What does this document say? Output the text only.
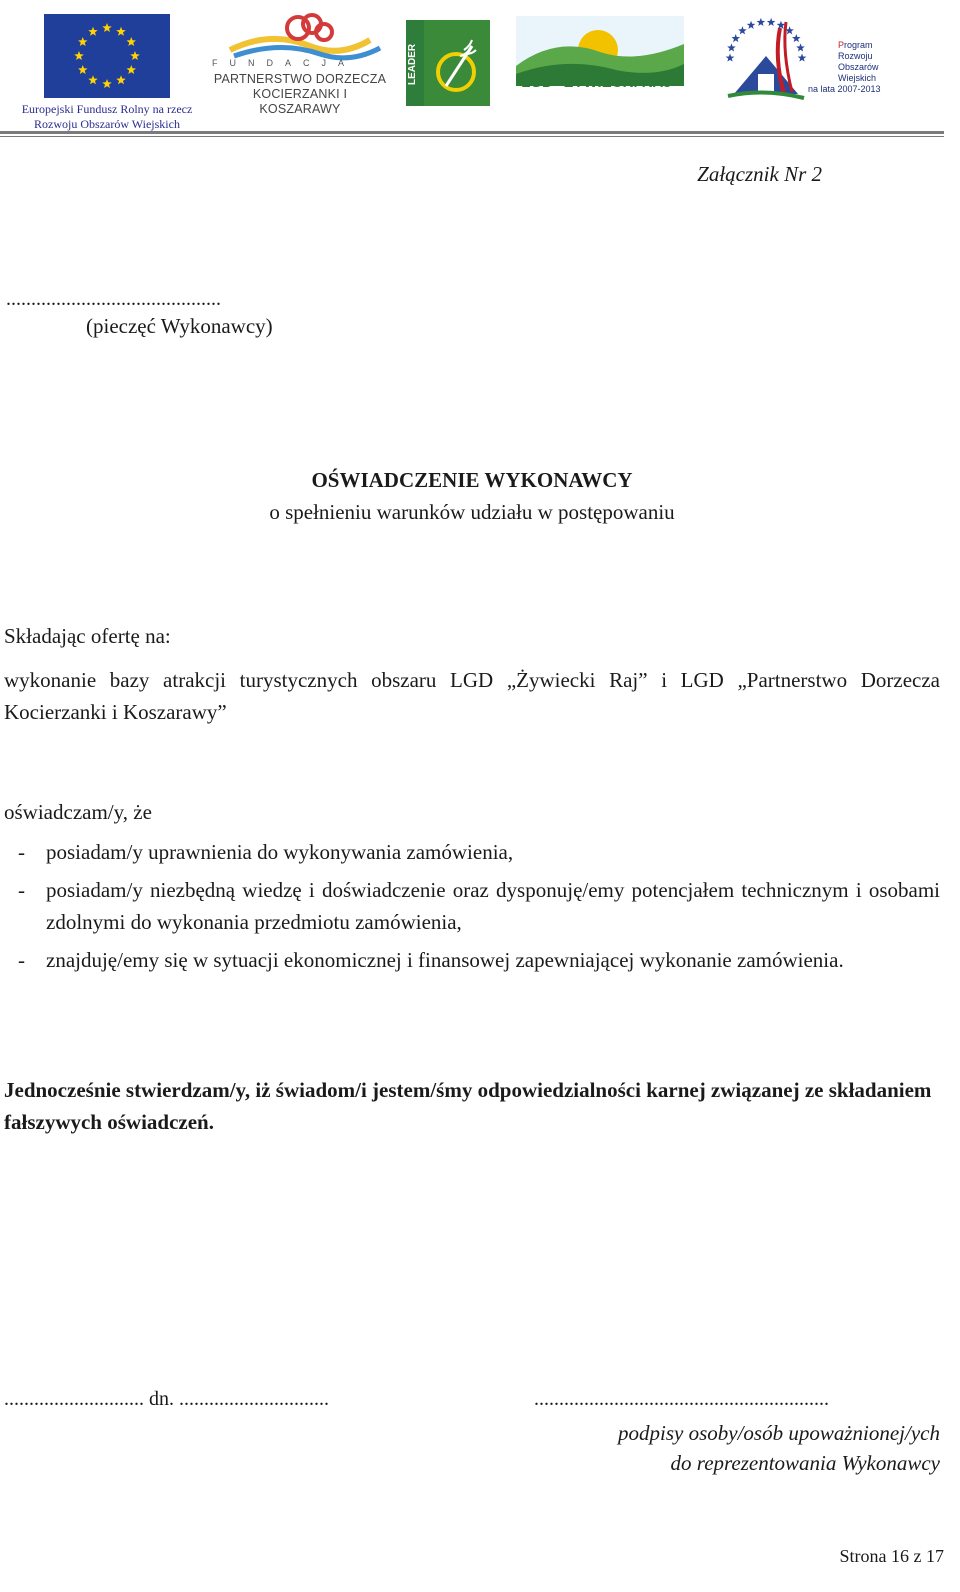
Europejski Fundusz Rolny na rzecz Rozwoju Obszarów Wiejskich
FUNDACJA
PARTNERSTWO DORZECZA KOCIERZANKI I KOSZARAWY
LEADER	LGD "ŻYWIECKI RAJ"
Program
Rozwoju
Obszarów
Wiejskich
na lata 2007-2013
Załącznik Nr 2
...........................................
(pieczęć Wykonawcy)
OŚWIADCZENIE WYKONAWCY
o spełnieniu warunków udziału w postępowaniu
Składając ofertę na:
wykonanie bazy atrakcji turystycznych obszaru LGD „Żywiecki Raj” i LGD „Partnerstwo Dorzecza Kocierzanki i Koszarawy”
oświadczam/y, że
- posiadam/y uprawnienia do wykonywania zamówienia,
- posiadam/y niezbędną wiedzę i doświadczenie oraz dysponuję/emy potencjałem technicznym i osobami zdolnymi do wykonania przedmiotu zamówienia,
- znajduję/emy się w sytuacji ekonomicznej i finansowej zapewniającej wykonanie zamówienia.
Jednocześnie stwierdzam/y, iż świadom/i jestem/śmy odpowiedzialności karnej związanej ze składaniem fałszywych oświadczeń.
............................ dn. ..............................	...........................................................
podpisy osoby/osób upoważnionej/ych
do reprezentowania Wykonawcy
Strona 16 z 17
